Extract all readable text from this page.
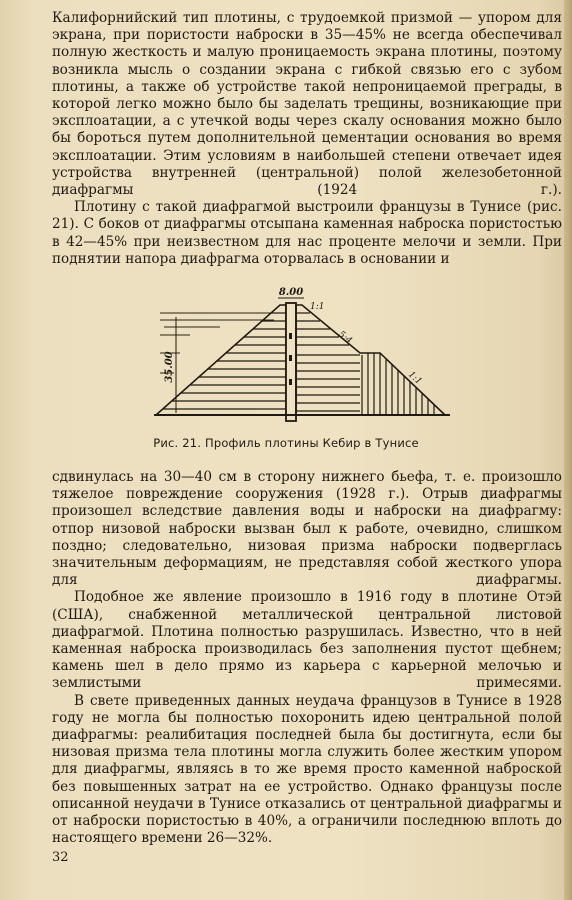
Калифорнийский тип плотины, с трудоемкой призмой — упором для экрана, при пористости наброски в 35—45% не всегда обеспечивал полную жесткость и малую проницаемость экрана плотины, поэтому возникла мысль о создании экрана с гибкой связью его с зубом плотины, а также об устройстве такой непроницаемой преграды, в которой легко можно было бы заделать трещины, возникающие при эксплоатации, а с утечкой воды через скалу основания можно было бы бороться путем дополнительной цементации основания во время эксплоатации. Этим условиям в наибольшей степени отвечает идея устройства внутренней (центральной) полой железобетонной диафрагмы (1924 г.).

Плотину с такой диафрагмой выстроили французы в Тунисе (рис. 21). С боков от диафрагмы отсыпана каменная наброска пористостью в 42—45% при неизвестном для нас проценте мелочи и земли. При поднятии напора диафрагма оторвалась в основании и

35.00
8.00
1:1
5:4
1:1
Рис. 21. Профиль плотины Кебир в Тунисе

сдвинулась на 30—40 см в сторону нижнего бьефа, т. е. произошло тяжелое повреждение сооружения (1928 г.). Отрыв диафрагмы произошел вследствие давления воды и наброски на диафрагму: отпор низовой наброски вызван был к работе, очевидно, слишком поздно; следовательно, низовая призма наброски подверглась значительным деформациям, не представляя собой жесткого упора для диафрагмы.

Подобное же явление произошло в 1916 году в плотине Отэй (США), снабженной металлической центральной листовой диафрагмой. Плотина полностью разрушилась. Известно, что в ней каменная наброска производилась без заполнения пустот щебнем; камень шел в дело прямо из карьера с карьерной мелочью и землистыми примесями.

В свете приведенных данных неудача французов в Тунисе в 1928 году не могла бы полностью похоронить идею центральной полой диафрагмы: реалибитация последней была бы достигнута, если бы низовая призма тела плотины могла служить более жестким упором для диафрагмы, являясь в то же время просто каменной наброской без повышенных затрат на ее устройство. Однако французы после описанной неудачи в Тунисе отказались от центральной диафрагмы и от наброски пористостью в 40%, а ограничили последнюю вплоть до настоящего времени 26—32%.

32
